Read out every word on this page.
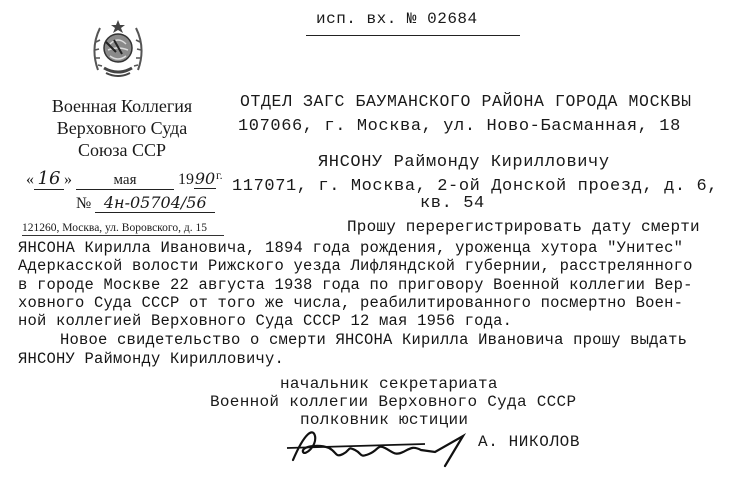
исп. вх. № 02684
Военная Коллегия
Верховного Суда
Союза ССР
« 16 »	мая	$1990^{г.}$
№ 4н-05704/56
121260, Москва, ул. Воровского, д. 15
ОТДЕЛ ЗАГС БАУМАНСКОГО РАЙОНА ГОРОДА МОСКВЫ
107066, г. Москва, ул. Ново-Басманная, 18
ЯНСОНУ Раймонду Кирилловичу
117071, г. Москва, 2-ой Донской проезд, д. 6,
кв. 54
Прошу перерегистрировать дату смерти
ЯНСОНА Кирилла Ивановича, 1894 года рождения, уроженца хутора "Унитес"
Адеркасской волости Рижского уезда Лифляндской губернии, расстрелянного
в городе Москве 22 августа 1938 года по приговору Военной коллегии Вер-
ховного Суда СССР от того же числа, реабилитированного посмертно Воен-
ной коллегией Верховного Суда СССР 12 мая 1956 года.
Новое свидетельство о смерти ЯНСОНА Кирилла Ивановича прошу выдать
ЯНСОНУ Раймонду Кирилловичу.
начальник секретариата
Военной коллегии Верховного Суда СССР
полковник юстиции
А. НИКОЛОВ
